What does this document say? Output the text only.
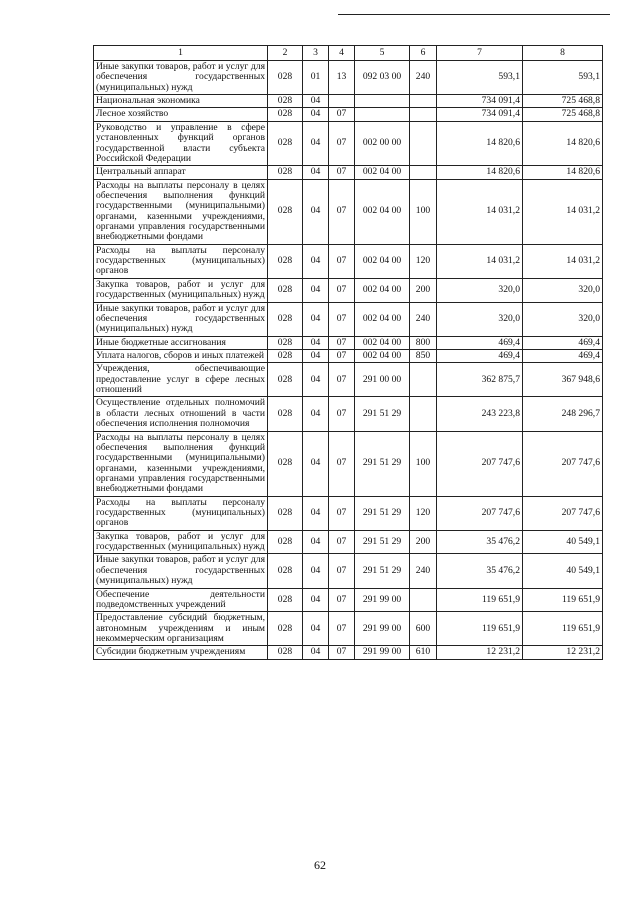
1	2	3	4	5	6	7	8
Иные закупки товаров, работ и услуг для обеспечения государственных (муниципальных) нужд	028	01	13	092 03 00	240	593,1	593,1
Национальная экономика	028	04				734 091,4	725 468,8
Лесное хозяйство	028	04	07			734 091,4	725 468,8
Руководство и управление в сфере установленных функций органов государственной власти субъекта Российской Федерации	028	04	07	002 00 00		14 820,6	14 820,6
Центральный аппарат	028	04	07	002 04 00		14 820,6	14 820,6
Расходы на выплаты персоналу в целях обеспечения выполнения функций государственными (муниципальными) органами, казенными учреждениями, органами управления государственными внебюджетными фондами	028	04	07	002 04 00	100	14 031,2	14 031,2
Расходы на выплаты персоналу государственных (муниципальных) органов	028	04	07	002 04 00	120	14 031,2	14 031,2
Закупка товаров, работ и услуг для государственных (муниципальных) нужд	028	04	07	002 04 00	200	320,0	320,0
Иные закупки товаров, работ и услуг для обеспечения государственных (муниципальных) нужд	028	04	07	002 04 00	240	320,0	320,0
Иные бюджетные ассигнования	028	04	07	002 04 00	800	469,4	469,4
Уплата налогов, сборов и иных платежей	028	04	07	002 04 00	850	469,4	469,4
Учреждения, обеспечивающие предоставление услуг в сфере лесных отношений	028	04	07	291 00 00		362 875,7	367 948,6
Осуществление отдельных полномочий в области лесных отношений в части обеспечения исполнения полномочия	028	04	07	291 51 29		243 223,8	248 296,7
Расходы на выплаты персоналу в целях обеспечения выполнения функций государственными (муниципальными) органами, казенными учреждениями, органами управления государственными внебюджетными фондами	028	04	07	291 51 29	100	207 747,6	207 747,6
Расходы на выплаты персоналу государственных (муниципальных) органов	028	04	07	291 51 29	120	207 747,6	207 747,6
Закупка товаров, работ и услуг для государственных (муниципальных) нужд	028	04	07	291 51 29	200	35 476,2	40 549,1
Иные закупки товаров, работ и услуг для обеспечения государственных (муниципальных) нужд	028	04	07	291 51 29	240	35 476,2	40 549,1
Обеспечение деятельности подведомственных учреждений	028	04	07	291 99 00		119 651,9	119 651,9
Предоставление субсидий бюджетным, автономным учреждениям и иным некоммерческим организациям	028	04	07	291 99 00	600	119 651,9	119 651,9
Субсидии бюджетным учреждениям	028	04	07	291 99 00	610	12 231,2	12 231,2
62
